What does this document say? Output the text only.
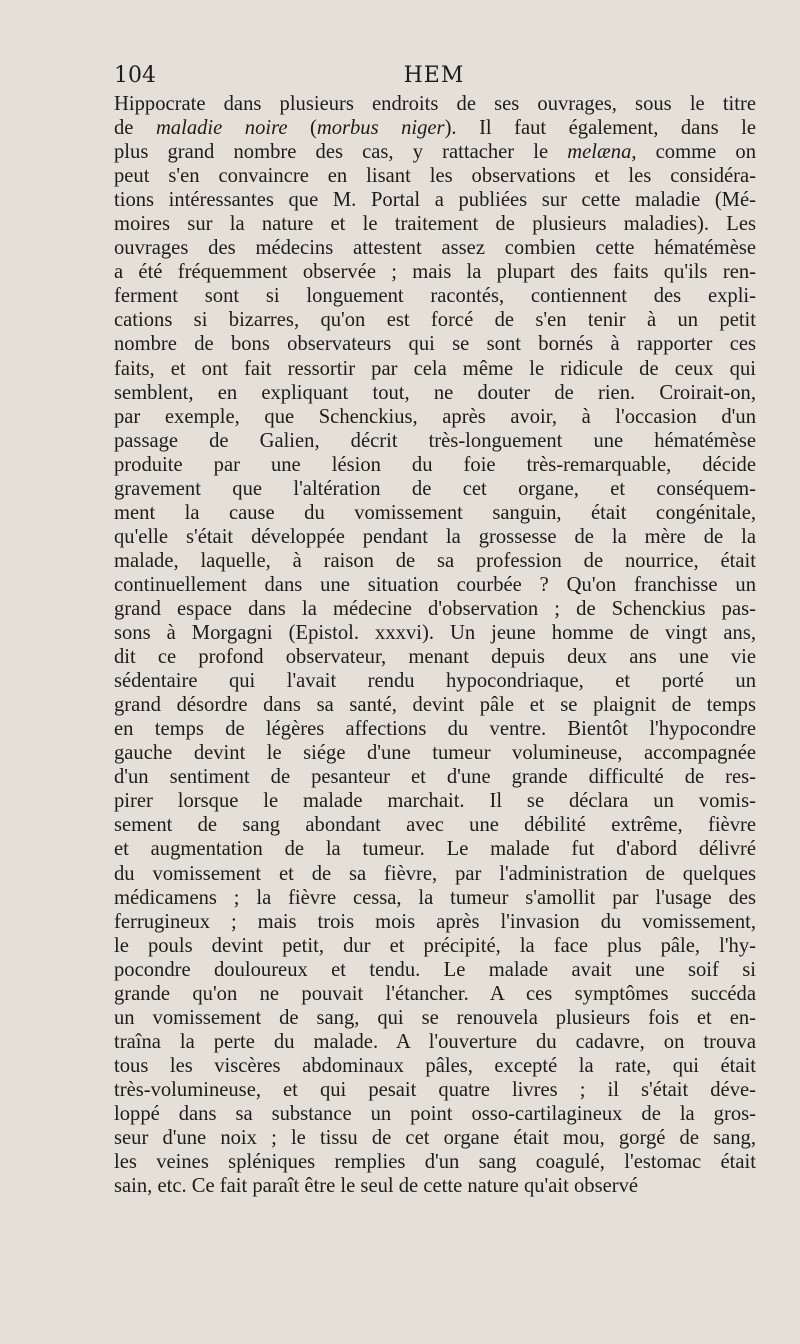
104	HEM
Hippocrate dans plusieurs endroits de ses ouvrages, sous le titre
de maladie noire (morbus niger). Il faut également, dans le
plus grand nombre des cas, y rattacher le melæna, comme on
peut s'en convaincre en lisant les observations et les considéra-
tions intéressantes que M. Portal a publiées sur cette maladie (Mé-
moires sur la nature et le traitement de plusieurs maladies). Les
ouvrages des médecins attestent assez combien cette hématémèse
a été fréquemment observée ; mais la plupart des faits qu'ils ren-
ferment sont si longuement racontés, contiennent des expli-
cations si bizarres, qu'on est forcé de s'en tenir à un petit
nombre de bons observateurs qui se sont bornés à rapporter ces
faits, et ont fait ressortir par cela même le ridicule de ceux qui
semblent, en expliquant tout, ne douter de rien. Croirait-on,
par exemple, que Schenckius, après avoir, à l'occasion d'un
passage de Galien, décrit très-longuement une hématémèse
produite par une lésion du foie très-remarquable, décide
gravement que l'altération de cet organe, et conséquem-
ment la cause du vomissement sanguin, était congénitale,
qu'elle s'était développée pendant la grossesse de la mère de la
malade, laquelle, à raison de sa profession de nourrice, était
continuellement dans une situation courbée ? Qu'on franchisse un
grand espace dans la médecine d'observation ; de Schenckius pas-
sons à Morgagni (Epistol. xxxvi). Un jeune homme de vingt ans,
dit ce profond observateur, menant depuis deux ans une vie
sédentaire qui l'avait rendu hypocondriaque, et porté un
grand désordre dans sa santé, devint pâle et se plaignit de temps
en temps de légères affections du ventre. Bientôt l'hypocondre
gauche devint le siége d'une tumeur volumineuse, accompagnée
d'un sentiment de pesanteur et d'une grande difficulté de res-
pirer lorsque le malade marchait. Il se déclara un vomis-
sement de sang abondant avec une débilité extrême, fièvre
et augmentation de la tumeur. Le malade fut d'abord délivré
du vomissement et de sa fièvre, par l'administration de quelques
médicamens ; la fièvre cessa, la tumeur s'amollit par l'usage des
ferrugineux ; mais trois mois après l'invasion du vomissement,
le pouls devint petit, dur et précipité, la face plus pâle, l'hy-
pocondre douloureux et tendu. Le malade avait une soif si
grande qu'on ne pouvait l'étancher. A ces symptômes succéda
un vomissement de sang, qui se renouvela plusieurs fois et en-
traîna la perte du malade. A l'ouverture du cadavre, on trouva
tous les viscères abdominaux pâles, excepté la rate, qui était
très-volumineuse, et qui pesait quatre livres ; il s'était déve-
loppé dans sa substance un point osso-cartilagineux de la gros-
seur d'une noix ; le tissu de cet organe était mou, gorgé de sang,
les veines spléniques remplies d'un sang coagulé, l'estomac était
sain, etc. Ce fait paraît être le seul de cette nature qu'ait observé
